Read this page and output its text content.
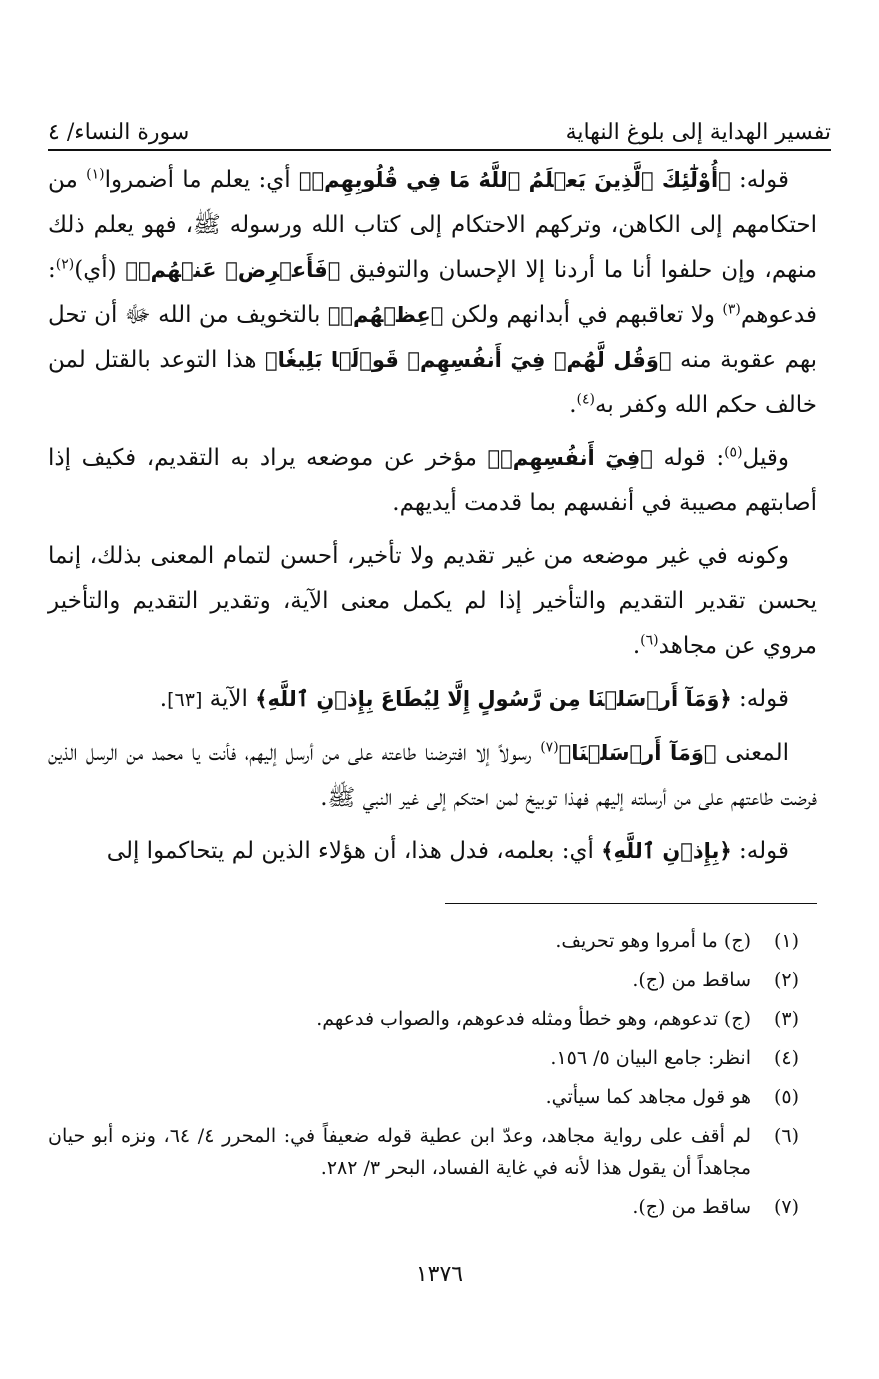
تفسير الهداية إلى بلوغ النهاية
سورة النساء/ ٤

قوله: ﴿أُوْلَٰٓئِكَ ٱلَّذِينَ يَعۡلَمُ ٱللَّهُ مَا فِي قُلُوبِهِمۡ﴾ أي: يعلم ما أضمروا$^{(١)}$ من احتكامهم إلى الكاهن، وتركهم الاحتكام إلى كتاب الله ورسوله ﷺ، فهو يعلم ذلك منهم، وإن حلفوا أنا ما أردنا إلا الإحسان والتوفيق ﴿فَأَعۡرِضۡ عَنۡهُمۡ﴾ (أي)$^{(٢)}$: فدعوهم$^{(٣)}$ ولا تعاقبهم في أبدانهم ولكن ﴿عِظۡهُمۡ﴾ بالتخويف من الله ﷻ أن تحل بهم عقوبة منه ﴿وَقُل لَّهُمۡ فِيٓ أَنفُسِهِمۡ قَوۡلَۢا بَلِيغٗا﴾ هذا التوعد بالقتل لمن خالف حكم الله وكفر به$^{(٤)}$.

وقيل$^{(٥)}$: قوله ﴿فِيٓ أَنفُسِهِمۡ﴾ مؤخر عن موضعه يراد به التقديم، فكيف إذا أصابتهم مصيبة في أنفسهم بما قدمت أيديهم.

وكونه في غير موضعه من غير تقديم ولا تأخير، أحسن لتمام المعنى بذلك، إنما يحسن تقدير التقديم والتأخير إذا لم يكمل معنى الآية، وتقدير التقديم والتأخير مروي عن مجاهد$^{(٦)}$.

قوله: ﴿وَمَآ أَرۡسَلۡنَا مِن رَّسُولٍ إِلَّا لِيُطَاعَ بِإِذۡنِ ٱللَّهِ﴾ الآية [٦٣].

المعنى ﴿وَمَآ أَرۡسَلۡنَا﴾$^{(٧)}$ رسولاً إلا افترضنا طاعته على من أرسل إليهم، فأنت يا محمد من الرسل الذين فرضت طاعتهم على من أرسلته إليهم فهذا توبيخ لمن احتكم إلى غير النبي ﷺ.

قوله: ﴿بِإِذۡنِ ٱللَّهِ﴾ أي: بعلمه، فدل هذا، أن هؤلاء الذين لم يتحاكموا إلى

(١)
(ج) ما أمروا وهو تحريف.
(٢)
ساقط من (ج).
(٣)
(ج) تدعوهم، وهو خطأ ومثله فدعوهم، والصواب فدعهم.
(٤)
انظر: جامع البيان ٥/ ١٥٦.
(٥)
هو قول مجاهد كما سيأتي.
(٦)
لم أقف على رواية مجاهد، وعدّ ابن عطية قوله ضعيفاً في: المحرر ٤/ ٦٤، ونزه أبو حيان مجاهداً أن يقول هذا لأنه في غاية الفساد، البحر ٣/ ٢٨٢.
(٧)
ساقط من (ج).
١٣٧٦
